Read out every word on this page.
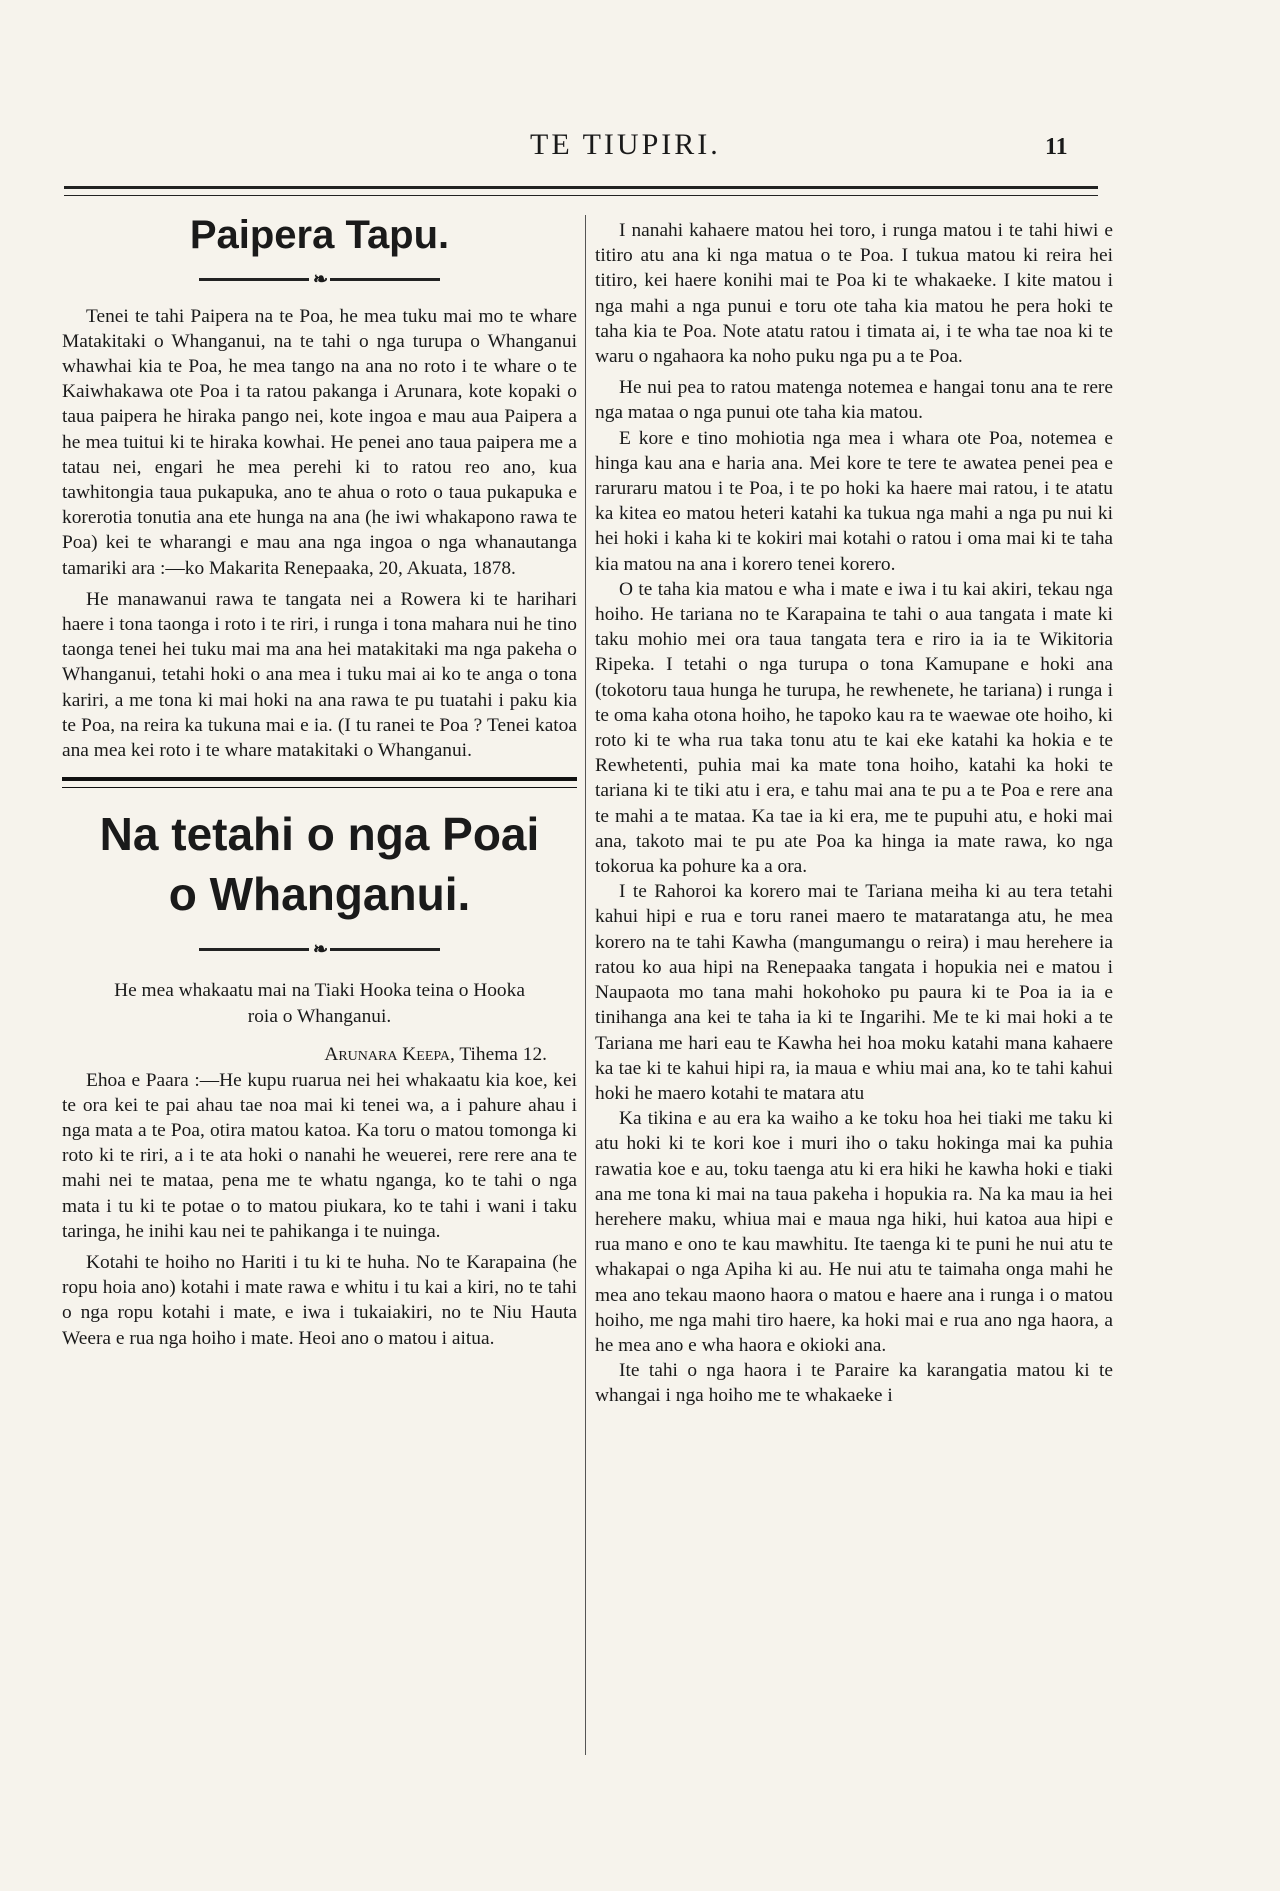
TE TIUPIRI.	11
Paipera Tapu.
❧

Tenei te tahi Paipera na te Poa, he mea tuku mai mo te whare Matakitaki o Whanganui, na te tahi o nga turupa o Whanganui whawhai kia te Poa, he mea tango na ana no roto i te whare o te Kaiwhakawa ote Poa i ta ratou pakanga i Arunara, kote kopaki o taua paipera he hiraka pango nei, kote ingoa e mau aua Paipera a he mea tuitui ki te hiraka kowhai. He penei ano taua paipera me a tatau nei, engari he mea perehi ki to ratou reo ano, kua tawhitongia taua pukapuka, ano te ahua o roto o taua pukapuka e korerotia tonutia ana ete hunga na ana (he iwi whakapono rawa te Poa) kei te wharangi e mau ana nga ingoa o nga whanautanga tamariki ara :—ko Makarita Renepaaka, 20, Akuata, 1878.

He manawanui rawa te tangata nei a Rowera ki te harihari haere i tona taonga i roto i te riri, i runga i tona mahara nui he tino taonga tenei hei tuku mai ma ana hei matakitaki ma nga pakeha o Whanganui, tetahi hoki o ana mea i tuku mai ai ko te anga o tona kariri, a me tona ki mai hoki na ana rawa te pu tuatahi i paku kia te Poa, na reira ka tukuna mai e ia. (I tu ranei te Poa ? Tenei katoa ana mea kei roto i te whare matakitaki o Whanganui.

Na tetahi o nga Poai
o Whanganui.
❧
He mea whakaatu mai na Tiaki Hooka teina o Hooka
roia o Whanganui.
Arunara Keepa, Tihema 12.

Ehoa e Paara :—He kupu ruarua nei hei whakaatu kia koe, kei te ora kei te pai ahau tae noa mai ki tenei wa, a i pahure ahau i nga mata a te Poa, otira matou katoa. Ka toru o matou tomonga ki roto ki te riri, a i te ata hoki o nanahi he weuerei, rere rere ana te mahi nei te mataa, pena me te whatu nganga, ko te tahi o nga mata i tu ki te potae o to matou piukara, ko te tahi i wani i taku taringa, he inihi kau nei te pahikanga i te nuinga.

Kotahi te hoiho no Hariti i tu ki te huha. No te Karapaina (he ropu hoia ano) kotahi i mate rawa e whitu i tu kai a kiri, no te tahi o nga ropu kotahi i mate, e iwa i tukaiakiri, no te Niu Hauta Weera e rua nga hoiho i mate. Heoi ano o matou i aitua.

I nanahi kahaere matou hei toro, i runga matou i te tahi hiwi e titiro atu ana ki nga matua o te Poa. I tukua matou ki reira hei titiro, kei haere konihi mai te Poa ki te whakaeke. I kite matou i nga mahi a nga punui e toru ote taha kia matou he pera hoki te taha kia te Poa. Note atatu ratou i timata ai, i te wha tae noa ki te waru o ngahaora ka noho puku nga pu a te Poa.

He nui pea to ratou matenga notemea e hangai tonu ana te rere nga mataa o nga punui ote taha kia matou.

E kore e tino mohiotia nga mea i whara ote Poa, notemea e hinga kau ana e haria ana. Mei kore te tere te awatea penei pea e raruraru matou i te Poa, i te po hoki ka haere mai ratou, i te atatu ka kitea eo matou heteri katahi ka tukua nga mahi a nga pu nui ki hei hoki i kaha ki te kokiri mai kotahi o ratou i oma mai ki te taha kia matou na ana i korero tenei korero.

O te taha kia matou e wha i mate e iwa i tu kai akiri, tekau nga hoiho. He tariana no te Karapaina te tahi o aua tangata i mate ki taku mohio mei ora taua tangata tera e riro ia ia te Wikitoria Ripeka. I tetahi o nga turupa o tona Kamupane e hoki ana (tokotoru taua hunga he turupa, he rewhenete, he tariana) i runga i te oma kaha otona hoiho, he tapoko kau ra te waewae ote hoiho, ki roto ki te wha rua taka tonu atu te kai eke katahi ka hokia e te Rewhetenti, puhia mai ka mate tona hoiho, katahi ka hoki te tariana ki te tiki atu i era, e tahu mai ana te pu a te Poa e rere ana te mahi a te mataa. Ka tae ia ki era, me te pupuhi atu, e hoki mai ana, takoto mai te pu ate Poa ka hinga ia mate rawa, ko nga tokorua ka pohure ka a ora.

I te Rahoroi ka korero mai te Tariana meiha ki au tera tetahi kahui hipi e rua e toru ranei maero te mataratanga atu, he mea korero na te tahi Kawha (mangumangu o reira) i mau herehere ia ratou ko aua hipi na Renepaaka tangata i hopukia nei e matou i Naupaota mo tana mahi hokohoko pu paura ki te Poa ia ia e tinihanga ana kei te taha ia ki te Ingarihi. Me te ki mai hoki a te Tariana me hari eau te Kawha hei hoa moku katahi mana kahaere ka tae ki te kahui hipi ra, ia maua e whiu mai ana, ko te tahi kahui hoki he maero kotahi te matara atu

Ka tikina e au era ka waiho a ke toku hoa hei tiaki me taku ki atu hoki ki te kori koe i muri iho o taku hokinga mai ka puhia rawatia koe e au, toku taenga atu ki era hiki he kawha hoki e tiaki ana me tona ki mai na taua pakeha i hopukia ra. Na ka mau ia hei herehere maku, whiua mai e maua nga hiki, hui katoa aua hipi e rua mano e ono te kau mawhitu. Ite taenga ki te puni he nui atu te whakapai o nga Apiha ki au. He nui atu te taimaha onga mahi he mea ano tekau maono haora o matou e haere ana i runga i o matou hoiho, me nga mahi tiro haere, ka hoki mai e rua ano nga haora, a he mea ano e wha haora e okioki ana.

Ite tahi o nga haora i te Paraire ka karangatia matou ki te whangai i nga hoiho me te whakaeke i
